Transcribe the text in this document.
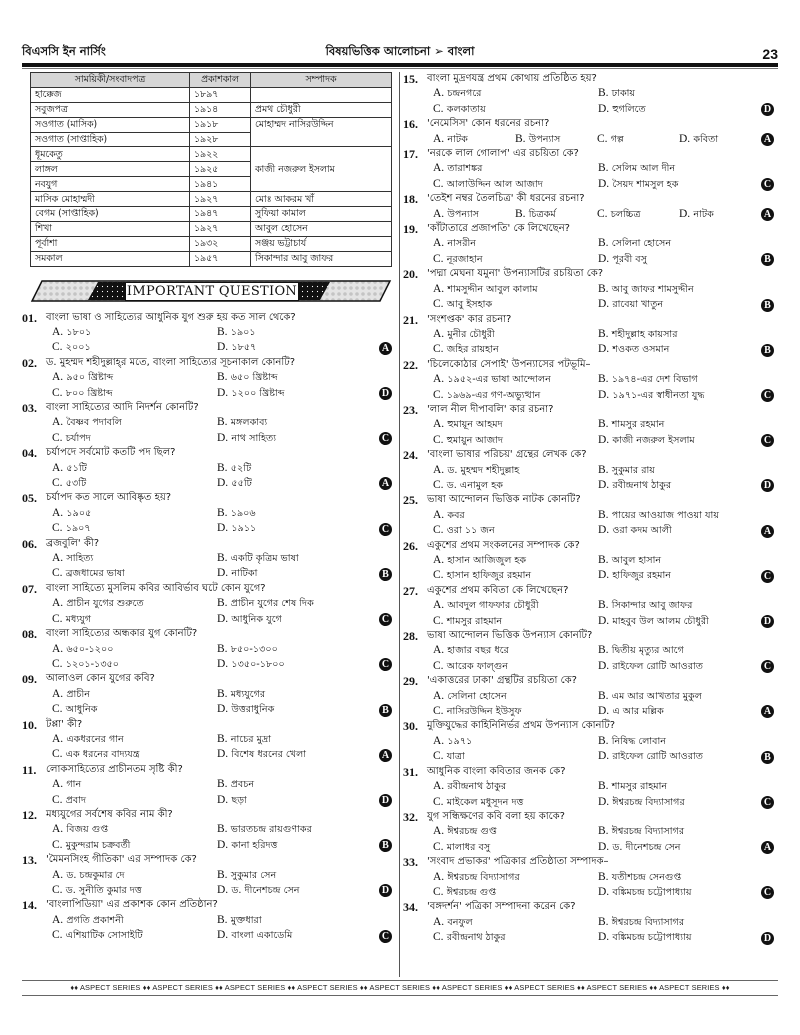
বিএসসি ইন নার্সিং	বিষয়ভিত্তিক আলোচনা ➢ বাংলা	23
সাময়িকী/সংবাদপত্র	প্রকাশকাল	সম্পাদক
হাক্কেজ	১৮৯৭	
সবুজপত্র	১৯১৪	প্রমথ চৌধুরী
সওগাত (মাসিক)	১৯১৮	মোহাম্মদ নাসিরউদ্দিন
সওগাত (সাপ্তাহিক)	১৯২৮	
ধূমকেতু	১৯২২	কাজী নজরুল ইসলাম
লাঙ্গল	১৯২৫	
নবযুগ	১৯৪১	
মাসিক মোহাম্মদী	১৯২৭	মোঃ আকরম খাঁ
বেগম (সাপ্তাহিক)	১৯৪৭	সুফিয়া কামাল
শিখা	১৯২৭	আবুল হোসেন
পূর্বাশা	১৯৩২	সঞ্জয় ভট্টাচার্য
সমকাল	১৯৫৭	সিকান্দার আবু জাফর
IMPORTANT QUESTION
01. বাংলা ভাষা ও সাহিত্যের আধুনিক যুগ শুরু হয় কত সাল থেকে?
A. ১৮০১	B. ১৯০১
C. ২০০১	D. ১৮৫৭	A
02. ড. মুহম্মদ শহীদুল্লাহ্‌র মতে, বাংলা সাহিত্যের সূচনাকাল কোনটি?
A. ৯৫০ খ্রিষ্টাব্দ	B. ৬৫০ খ্রিষ্টাব্দ
C. ৮০০ খ্রিষ্টাব্দ	D. ১২০০ খ্রিষ্টাব্দ	D
03. বাংলা সাহিত্যের আদি নিদর্শন কোনটি?
A. বৈষ্ণব পদাবলি	B. মঙ্গলকাব্য
C. চর্যাপদ	D. নাথ সাহিত্য	C
04. চর্যাপদে সর্বমোট কতটি পদ ছিল?
A. ৫১টি	B. ৫২টি
C. ৫৩টি	D. ৫৫টি	A
05. চর্যাপদ কত সালে আবিষ্কৃত হয়?
A. ১৯০৫	B. ১৯০৬
C. ১৯০৭	D. ১৯১১	C
06. ব্রজবুলি' কী?
A. সাহিত্য	B. একটি কৃত্রিম ভাষা
C. ব্রজধামের ভাষা	D. নাটিকা	B
07. বাংলা সাহিত্যে মুসলিম কবির আবির্ভাব ঘটে কোন যুগে?
A. প্রাচীন যুগের শুরুতে	B. প্রাচীন যুগের শেষ দিক
C. মধ্যযুগ	D. আধুনিক যুগে	C
08. বাংলা সাহিত্যের অন্ধকার যুগ কোনটি?
A. ৬৫০-১২০০	B. ৮৫০-১৩০০
C. ১২০১-১৩৫০	D. ১৩৫০-১৮০০	C
09. আলাওল কোন যুগের কবি?
A. প্রাচীন	B. মধ্যযুগের
C. আধুনিক	D. উত্তরাধুনিক	B
10. টপ্পা' কী?
A. একধরনের গান	B. নাচের মুদ্রা
C. এক ধরনের বাদ্যযন্ত্র	D. বিশেষ ধরনের খেলা	A
11. লোকসাহিত্যের প্রাচীনতম সৃষ্টি কী?
A. গান	B. প্রবচন
C. প্রবাদ	D. ছড়া	D
12. মধ্যযুগের সর্বশেষ কবির নাম কী?
A. বিজয় গুপ্ত	B. ভারতচন্দ্র রায়গুণাকর
C. মুকুন্দরাম চক্রবর্তী	D. কানা হরিদত্ত	B
13. 'মৈমনসিংহ গীতিকা' এর সম্পাদক কে?
A. ড. চন্দ্রকুমার দে	B. সুকুমার সেন
C. ড. সুনীতি কুমার দত্ত	D. ড. দীনেশচন্দ্র সেন	D
14. 'বাংলাপিডিয়া' এর প্রকাশক কোন প্রতিষ্ঠান?
A. প্রগতি প্রকাশনী	B. মুক্তধারা
C. এশিয়াটিক সোসাইটি	D. বাংলা একাডেমি	C
15. বাংলা মুদ্রণযন্ত্র প্রথম কোথায় প্রতিষ্ঠিত হয়?
A. চন্দ্রনগরে	B. ঢাকায়
C. কলকাতায়	D. হুগলিতে	D
16. 'নেমেসিস' কোন ধরনের রচনা?
A. নাটক	B. উপন্যাস	C. গল্প	D. কবিতা	A
17. 'নরকে লাল গোলাপ' এর রচয়িতা কে?
A. তারাশঙ্কর	B. সেলিম আল দীন
C. আলাউদ্দিন আল আজাদ	D. সৈয়দ শামসুল হক	C
18. 'তেইশ নম্বর তৈলচিত্র' কী ধরনের রচনা?
A. উপন্যাস	B. চিত্রকর্ম	C. চলচ্চিত্র	D. নাটক	A
19. 'কাঁটাতারে প্রজাপতি' কে লিখেছেন?
A. নাসরীন	B. সেলিনা হোসেন
C. নূরজাহান	D. পূরবী বসু	B
20. 'পদ্মা মেঘনা যমুনা' উপন্যাসটির রচয়িতা কে?
A. শামসুদ্দীন আবুল কালাম	B. আবু জাফর শামসুদ্দীন
C. আবু ইসহাক	D. রাবেয়া খাতুন	B
21. 'সংশপ্তক' কার রচনা?
A. মুনীর চৌধুরী	B. শহীদুল্লাহ কায়সার
C. জহির রায়হান	D. শওকত ওসমান	B
22. 'চিলেকোঠার সেপাই' উপন্যাসের পটভূমি–
A. ১৯৫২-এর ভাষা আন্দোলন	B. ১৯৭৪-এর দেশ বিভাগ
C. ১৯৬৯-এর গণ-অভ্যুত্থান	D. ১৯৭১-এর স্বাধীনতা যুদ্ধ	C
23. 'লাল নীল দীপাবলি' কার রচনা?
A. হুমায়ূন আহমদ	B. শামসুর রহমান
C. হুমায়ুন আজাদ	D. কাজী নজরুল ইসলাম	C
24. 'বাংলা ভাষার পরিচয়' গ্রন্থের লেখক কে?
A. ড. মুহম্মদ শহীদুল্লাহ	B. সুকুমার রায়
C. ড. এনামুল হক	D. রবীন্দ্রনাথ ঠাকুর	D
25. ভাষা আন্দোলন ভিত্তিক নাটক কোনটি?
A. কবর	B. পায়ের আওয়াজ পাওয়া যায়
C. ওরা ১১ জন	D. ওরা কদম আলী	A
26. একুশের প্রথম সংকলনের সম্পাদক কে?
A. হাসান আজিজুল হক	B. আবুল হাসান
C. হাসান হাফিজুর রহমান	D. হাফিজুর রহমান	C
27. একুশের প্রথম কবিতা কে লিখেছেন?
A. আবদুল গাফফার চৌধুরী	B. সিকান্দার আবু জাফর
C. শামসুর রাহমান	D. মাহবুব উল আলম চৌধুরী	D
28. ভাষা আন্দোলন ভিত্তিক উপন্যাস কোনটি?
A. হাজার বছর ধরে	B. দ্বিতীয় মৃত্যুর আগে
C. আরেক ফাল্গুন	D. রাইফেল রোটি আওরাত	C
29. 'একাত্তরের ঢাকা' গ্রন্থটির রচয়িতা কে?
A. সেলিনা হোসেন	B. এম আর আখতার মুকুল
C. নাসিরউদ্দিন ইউসুফ	D. এ আর মল্লিক	A
30. মুক্তিযুদ্ধের কাহিনিনির্ভর প্রথম উপন্যাস কোনটি?
A. ১৯৭১	B. নিষিদ্ধ লোবান
C. যাত্রা	D. রাইফেল রোটি আওরাত	B
31. আধুনিক বাংলা কবিতার জনক কে?
A. রবীন্দ্রনাথ ঠাকুর	B. শামসুর রাহমান
C. মাইকেল মধুসূদন দত্ত	D. ঈশ্বরচন্দ্র বিদ্যাসাগর	C
32. যুগ সন্ধিক্ষণের কবি বলা হয় কাকে?
A. ঈশ্বরচন্দ্র গুপ্ত	B. ঈশ্বরচন্দ্র বিদ্যাসাগর
C. মালাধর বসু	D. ড. দীনেশচন্দ্র সেন	A
33. 'সংবাদ প্রভাকর' পত্রিকার প্রতিষ্ঠাতা সম্পাদক–
A. ঈশ্বরচন্দ্র বিদ্যাসাগর	B. যতীশচন্দ্র সেনগুপ্ত
C. ঈশ্বরচন্দ্র গুপ্ত	D. বঙ্কিমচন্দ্র চট্টোপাধ্যায়	C
34. 'বঙ্গদর্শন' পত্রিকা সম্পাদনা করেন কে?
A. বনফুল	B. ঈশ্বরচন্দ্র বিদ্যাসাগর
C. রবীন্দ্রনাথ ঠাকুর	D. বঙ্কিমচন্দ্র চট্টোপাধ্যায়	D
♦♦ ASPECT SERIES ♦♦ ASPECT SERIES ♦♦ ASPECT SERIES ♦♦ ASPECT SERIES ♦♦ ASPECT SERIES ♦♦ ASPECT SERIES ♦♦ ASPECT SERIES ♦♦ ASPECT SERIES ♦♦ ASPECT SERIES ♦♦
